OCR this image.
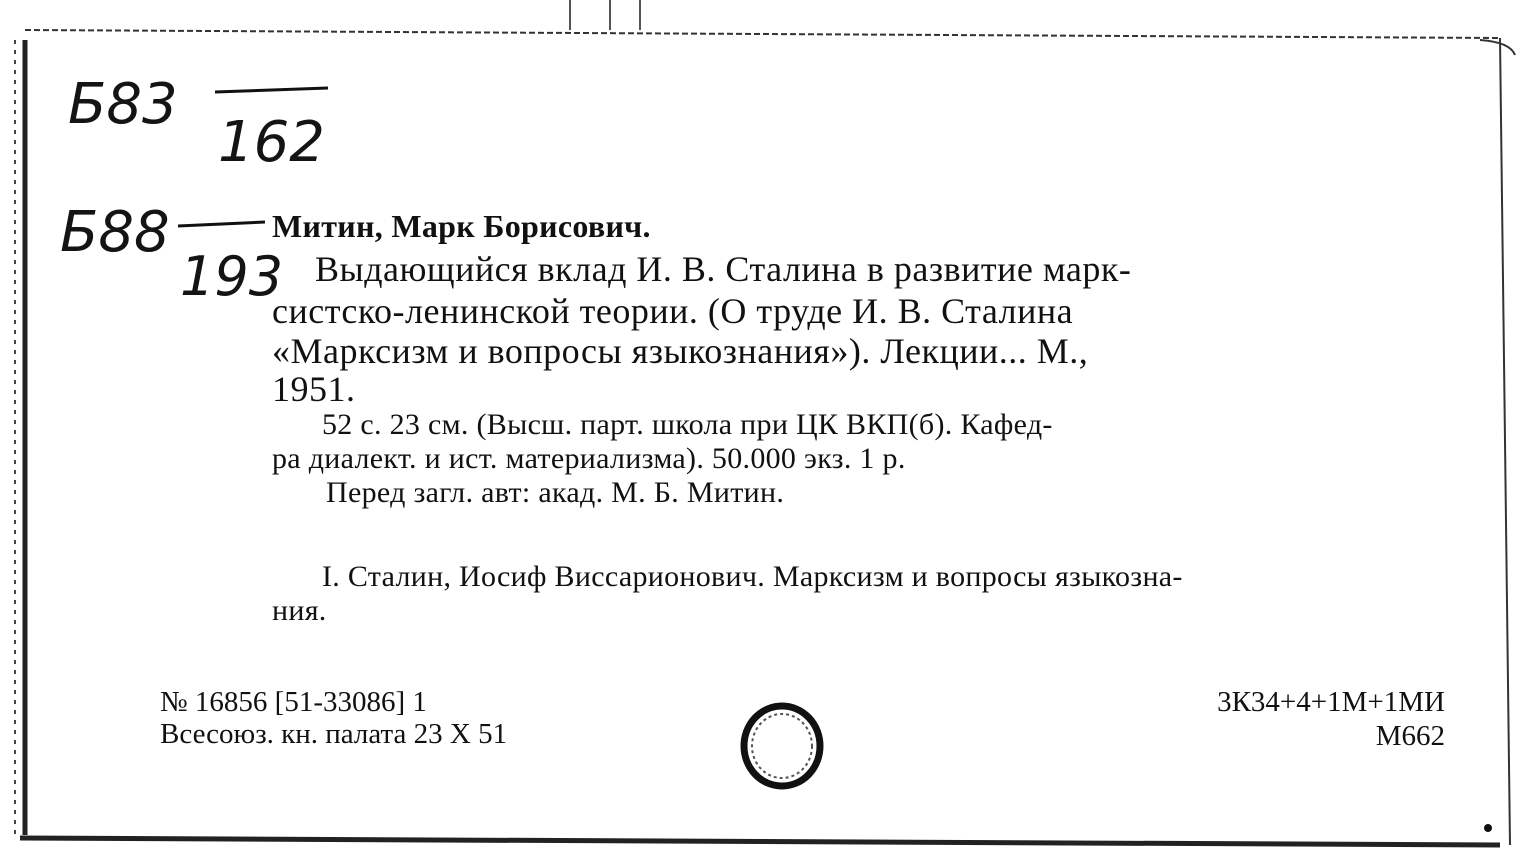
Б83
162
Б88
193
Митин, Марк Борисович.
Выдающийся вклад И. В. Сталина в развитие марк-
систско-ленинской теории. (О труде И. В. Сталина
«Марксизм и вопросы языкознания»). Лекции... М.,
1951.
52 с. 23 см. (Высш. парт. школа при ЦК ВКП(б). Кафед-
ра диалект. и ист. материализма). 50.000 экз. 1 р.
Перед загл. авт: акад. М. Б. Митин.
I. Сталин, Иосиф Виссарионович. Марксизм и вопросы языкозна-
ния.
№ 16856 [51-33086] 1
Всесоюз. кн. палата 23 X 51
3К34+4+1М+1МИ
М662
